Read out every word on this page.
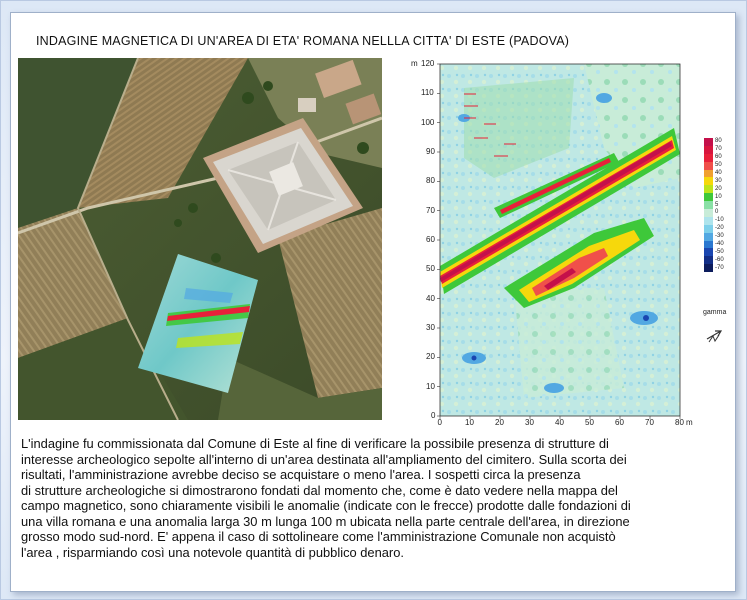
INDAGINE MAGNETICA DI UN'AREA DI ETA' ROMANA NELLLA CITTA' DI ESTE (PADOVA)
120
110
100
90
80
70
60
50
40
30
20
10
0
m
0	10	20	30	40	50	60	70	80 m
80
70
60
50
40
30
20
10
5
0
-10
-20
-30
-40
-50
-60
-70
gamma
L'indagine fu commissionata dal Comune di Este al fine di verificare la possibile presenza di strutture di
interesse archeologico sepolte all'interno di un'area destinata all'ampliamento del cimitero. Sulla scorta dei
risultati, l'amministrazione avrebbe deciso se acquistare o meno l'area. I sospetti circa la presenza
di strutture archeologiche si dimostrarono fondati dal momento che, come è dato vedere nella mappa del
campo magnetico, sono chiaramente visibili le anomalie (indicate con le frecce) prodotte dalle fondazioni di
una villa romana e una anomalia larga 30 m lunga 100 m ubicata nella parte centrale dell'area, in direzione
grosso modo sud-nord. E' appena il caso di sottolineare come l'amministrazione Comunale non acquistò
l'area , risparmiando così una notevole quantità di pubblico denaro.
